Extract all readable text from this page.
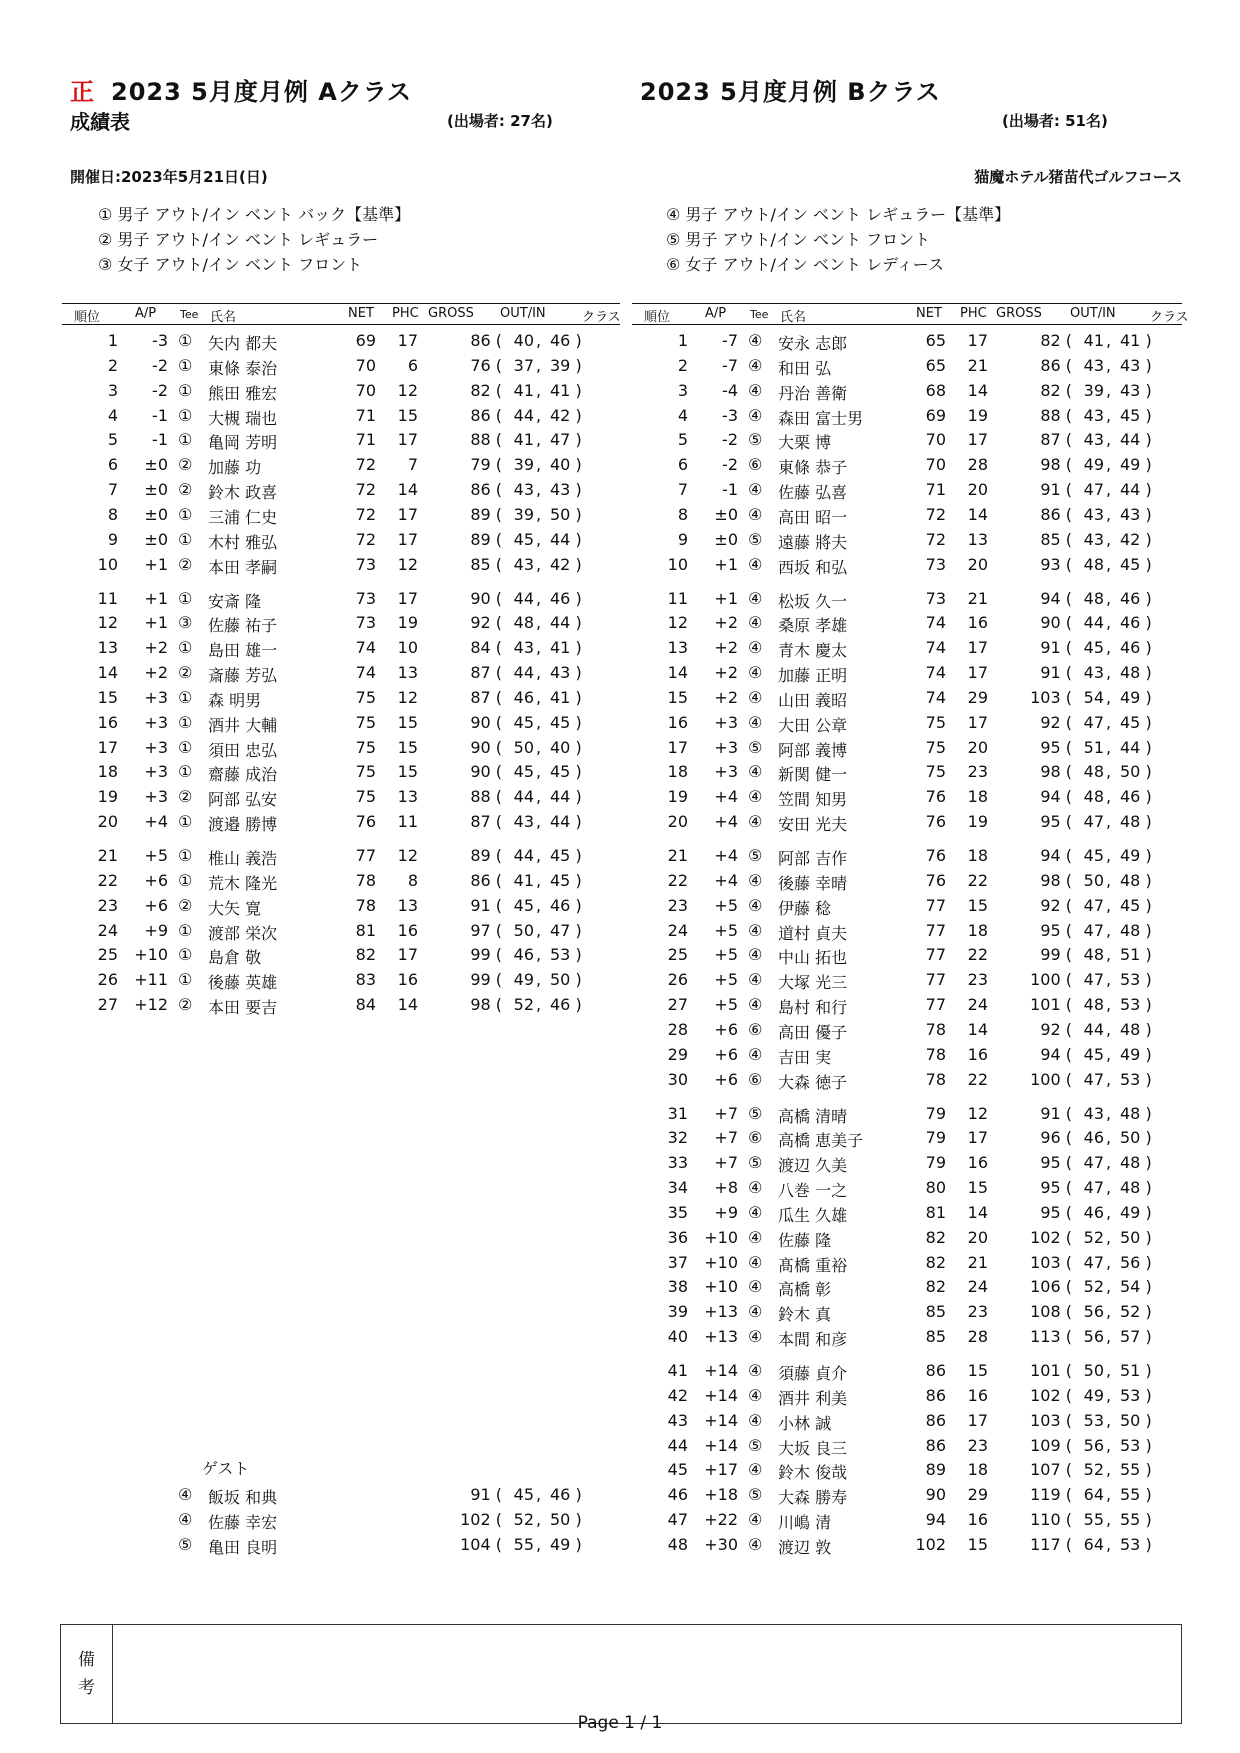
正 2023 5月度月例 Aクラス
成績表	(出場者: 27名)
2023 5月度月例 Bクラス
(出場者: 51名)
開催日:2023年5月21日(日)	猫魔ホテル猪苗代ゴルフコース
① 男子 アウト/イン ベント バック【基準】
② 男子 アウト/イン ベント レギュラー
③ 女子 アウト/イン ベント フロント
④ 男子 アウト/イン ベント レギュラー【基準】
⑤ 男子 アウト/イン ベント フロント
⑥ 女子 アウト/イン ベント レディース
順位	A/P Tee 氏名	NET PHC GROSS OUT/IN	クラス 順位	A/P Tee 氏名	NET PHC GROSS OUT/IN	クラス
1	-3 ① 矢内 都夫	69	17	86 ( 40 , 46 )
2	-2 ① 東條 泰治	70	6	76 ( 37 , 39 )
3	-2 ① 熊田 雅宏	70	12	82 ( 41 , 41 )
4	-1 ① 大槻 瑞也	71	15	86 ( 44 , 42 )
5	-1 ① 亀岡 芳明	71	17	88 ( 41 , 47 )
6	±0 ② 加藤 功	72	7	79 ( 39 , 40 )
7	±0 ② 鈴木 政喜	72	14	86 ( 43 , 43 )
8	±0 ① 三浦 仁史	72	17	89 ( 39 , 50 )
9	±0 ① 木村 雅弘	72	17	89 ( 45 , 44 )
10	+1 ② 本田 孝嗣	73	12	85 ( 43 , 42 )
11	+1 ① 安斎 隆	73	17	90 ( 44 , 46 )
12	+1 ③ 佐藤 祐子	73	19	92 ( 48 , 44 )
13	+2 ① 島田 雄一	74	10	84 ( 43 , 41 )
14	+2 ② 斎藤 芳弘	74	13	87 ( 44 , 43 )
15	+3 ① 森 明男	75	12	87 ( 46 , 41 )
16	+3 ① 酒井 大輔	75	15	90 ( 45 , 45 )
17	+3 ① 須田 忠弘	75	15	90 ( 50 , 40 )
18	+3 ① 齋藤 成治	75	15	90 ( 45 , 45 )
19	+3 ② 阿部 弘安	75	13	88 ( 44 , 44 )
20	+4 ① 渡邉 勝博	76	11	87 ( 43 , 44 )
21	+5 ① 椎山 義浩	77	12	89 ( 44 , 45 )
22	+6 ① 荒木 隆光	78	8	86 ( 41 , 45 )
23	+6 ② 大矢 寛	78	13	91 ( 45 , 46 )
24	+9 ① 渡部 栄次	81	16	97 ( 50 , 47 )
25	+10 ① 島倉 敬	82	17	99 ( 46 , 53 )
26	+11 ① 後藤 英雄	83	16	99 ( 49 , 50 )
27	+12 ② 本田 要吉	84	14	98 ( 52 , 46 )
1	-7 ④ 安永 志郎	65	17	82 ( 41 , 41 )
2	-7 ④ 和田 弘	65	21	86 ( 43 , 43 )
3	-4 ④ 丹治 善衛	68	14	82 ( 39 , 43 )
4	-3 ④ 森田 富士男	69	19	88 ( 43 , 45 )
5	-2 ⑤ 大栗 博	70	17	87 ( 43 , 44 )
6	-2 ⑥ 東條 恭子	70	28	98 ( 49 , 49 )
7	-1 ④ 佐藤 弘喜	71	20	91 ( 47 , 44 )
8	±0 ④ 高田 昭一	72	14	86 ( 43 , 43 )
9	±0 ⑤ 遠藤 將夫	72	13	85 ( 43 , 42 )
10	+1 ④ 西坂 和弘	73	20	93 ( 48 , 45 )
11	+1 ④ 松坂 久一	73	21	94 ( 48 , 46 )
12	+2 ④ 桑原 孝雄	74	16	90 ( 44 , 46 )
13	+2 ④ 青木 慶太	74	17	91 ( 45 , 46 )
14	+2 ④ 加藤 正明	74	17	91 ( 43 , 48 )
15	+2 ④ 山田 義昭	74	29	103 ( 54 , 49 )
16	+3 ④ 大田 公章	75	17	92 ( 47 , 45 )
17	+3 ⑤ 阿部 義博	75	20	95 ( 51 , 44 )
18	+3 ④ 新関 健一	75	23	98 ( 48 , 50 )
19	+4 ④ 笠間 知男	76	18	94 ( 48 , 46 )
20	+4 ④ 安田 光夫	76	19	95 ( 47 , 48 )
21	+4 ⑤ 阿部 吉作	76	18	94 ( 45 , 49 )
22	+4 ④ 後藤 幸晴	76	22	98 ( 50 , 48 )
23	+5 ④ 伊藤 稔	77	15	92 ( 47 , 45 )
24	+5 ④ 道村 貞夫	77	18	95 ( 47 , 48 )
25	+5 ④ 中山 拓也	77	22	99 ( 48 , 51 )
26	+5 ④ 大塚 光三	77	23	100 ( 47 , 53 )
27	+5 ④ 島村 和行	77	24	101 ( 48 , 53 )
28	+6 ⑥ 高田 優子	78	14	92 ( 44 , 48 )
29	+6 ④ 吉田 実	78	16	94 ( 45 , 49 )
30	+6 ⑥ 大森 徳子	78	22	100 ( 47 , 53 )
31	+7 ⑤ 高橋 清晴	79	12	91 ( 43 , 48 )
32	+7 ⑥ 高橋 恵美子	79	17	96 ( 46 , 50 )
33	+7 ⑤ 渡辺 久美	79	16	95 ( 47 , 48 )
34	+8 ④ 八巻 一之	80	15	95 ( 47 , 48 )
35	+9 ④ 瓜生 久雄	81	14	95 ( 46 , 49 )
36	+10 ④ 佐藤 隆	82	20	102 ( 52 , 50 )
37	+10 ④ 髙橋 重裕	82	21	103 ( 47 , 56 )
38	+10 ④ 高橋 彰	82	24	106 ( 52 , 54 )
39	+13 ④ 鈴木 真	85	23	108 ( 56 , 52 )
40	+13 ④ 本間 和彦	85	28	113 ( 56 , 57 )
41	+14 ④ 須藤 貞介	86	15	101 ( 50 , 51 )
42	+14 ④ 酒井 利美	86	16	102 ( 49 , 53 )
43	+14 ④ 小林 誠	86	17	103 ( 53 , 50 )
44	+14 ⑤ 大坂 良三	86	23	109 ( 56 , 53 )
45	+17 ④ 鈴木 俊哉	89	18	107 ( 52 , 55 )
46	+18 ⑤ 大森 勝寿	90	29	119 ( 64 , 55 )
47	+22 ④ 川嶋 清	94	16	110 ( 55 , 55 )
48	+30 ④ 渡辺 敦	102	15	117 ( 64 , 53 )
ゲスト
④ 飯坂 和典	91 ( 45 , 46 )
④ 佐藤 幸宏	102 ( 52 , 50 )
⑤ 亀田 良明	104 ( 55 , 49 )
備
考
Page 1 / 1
